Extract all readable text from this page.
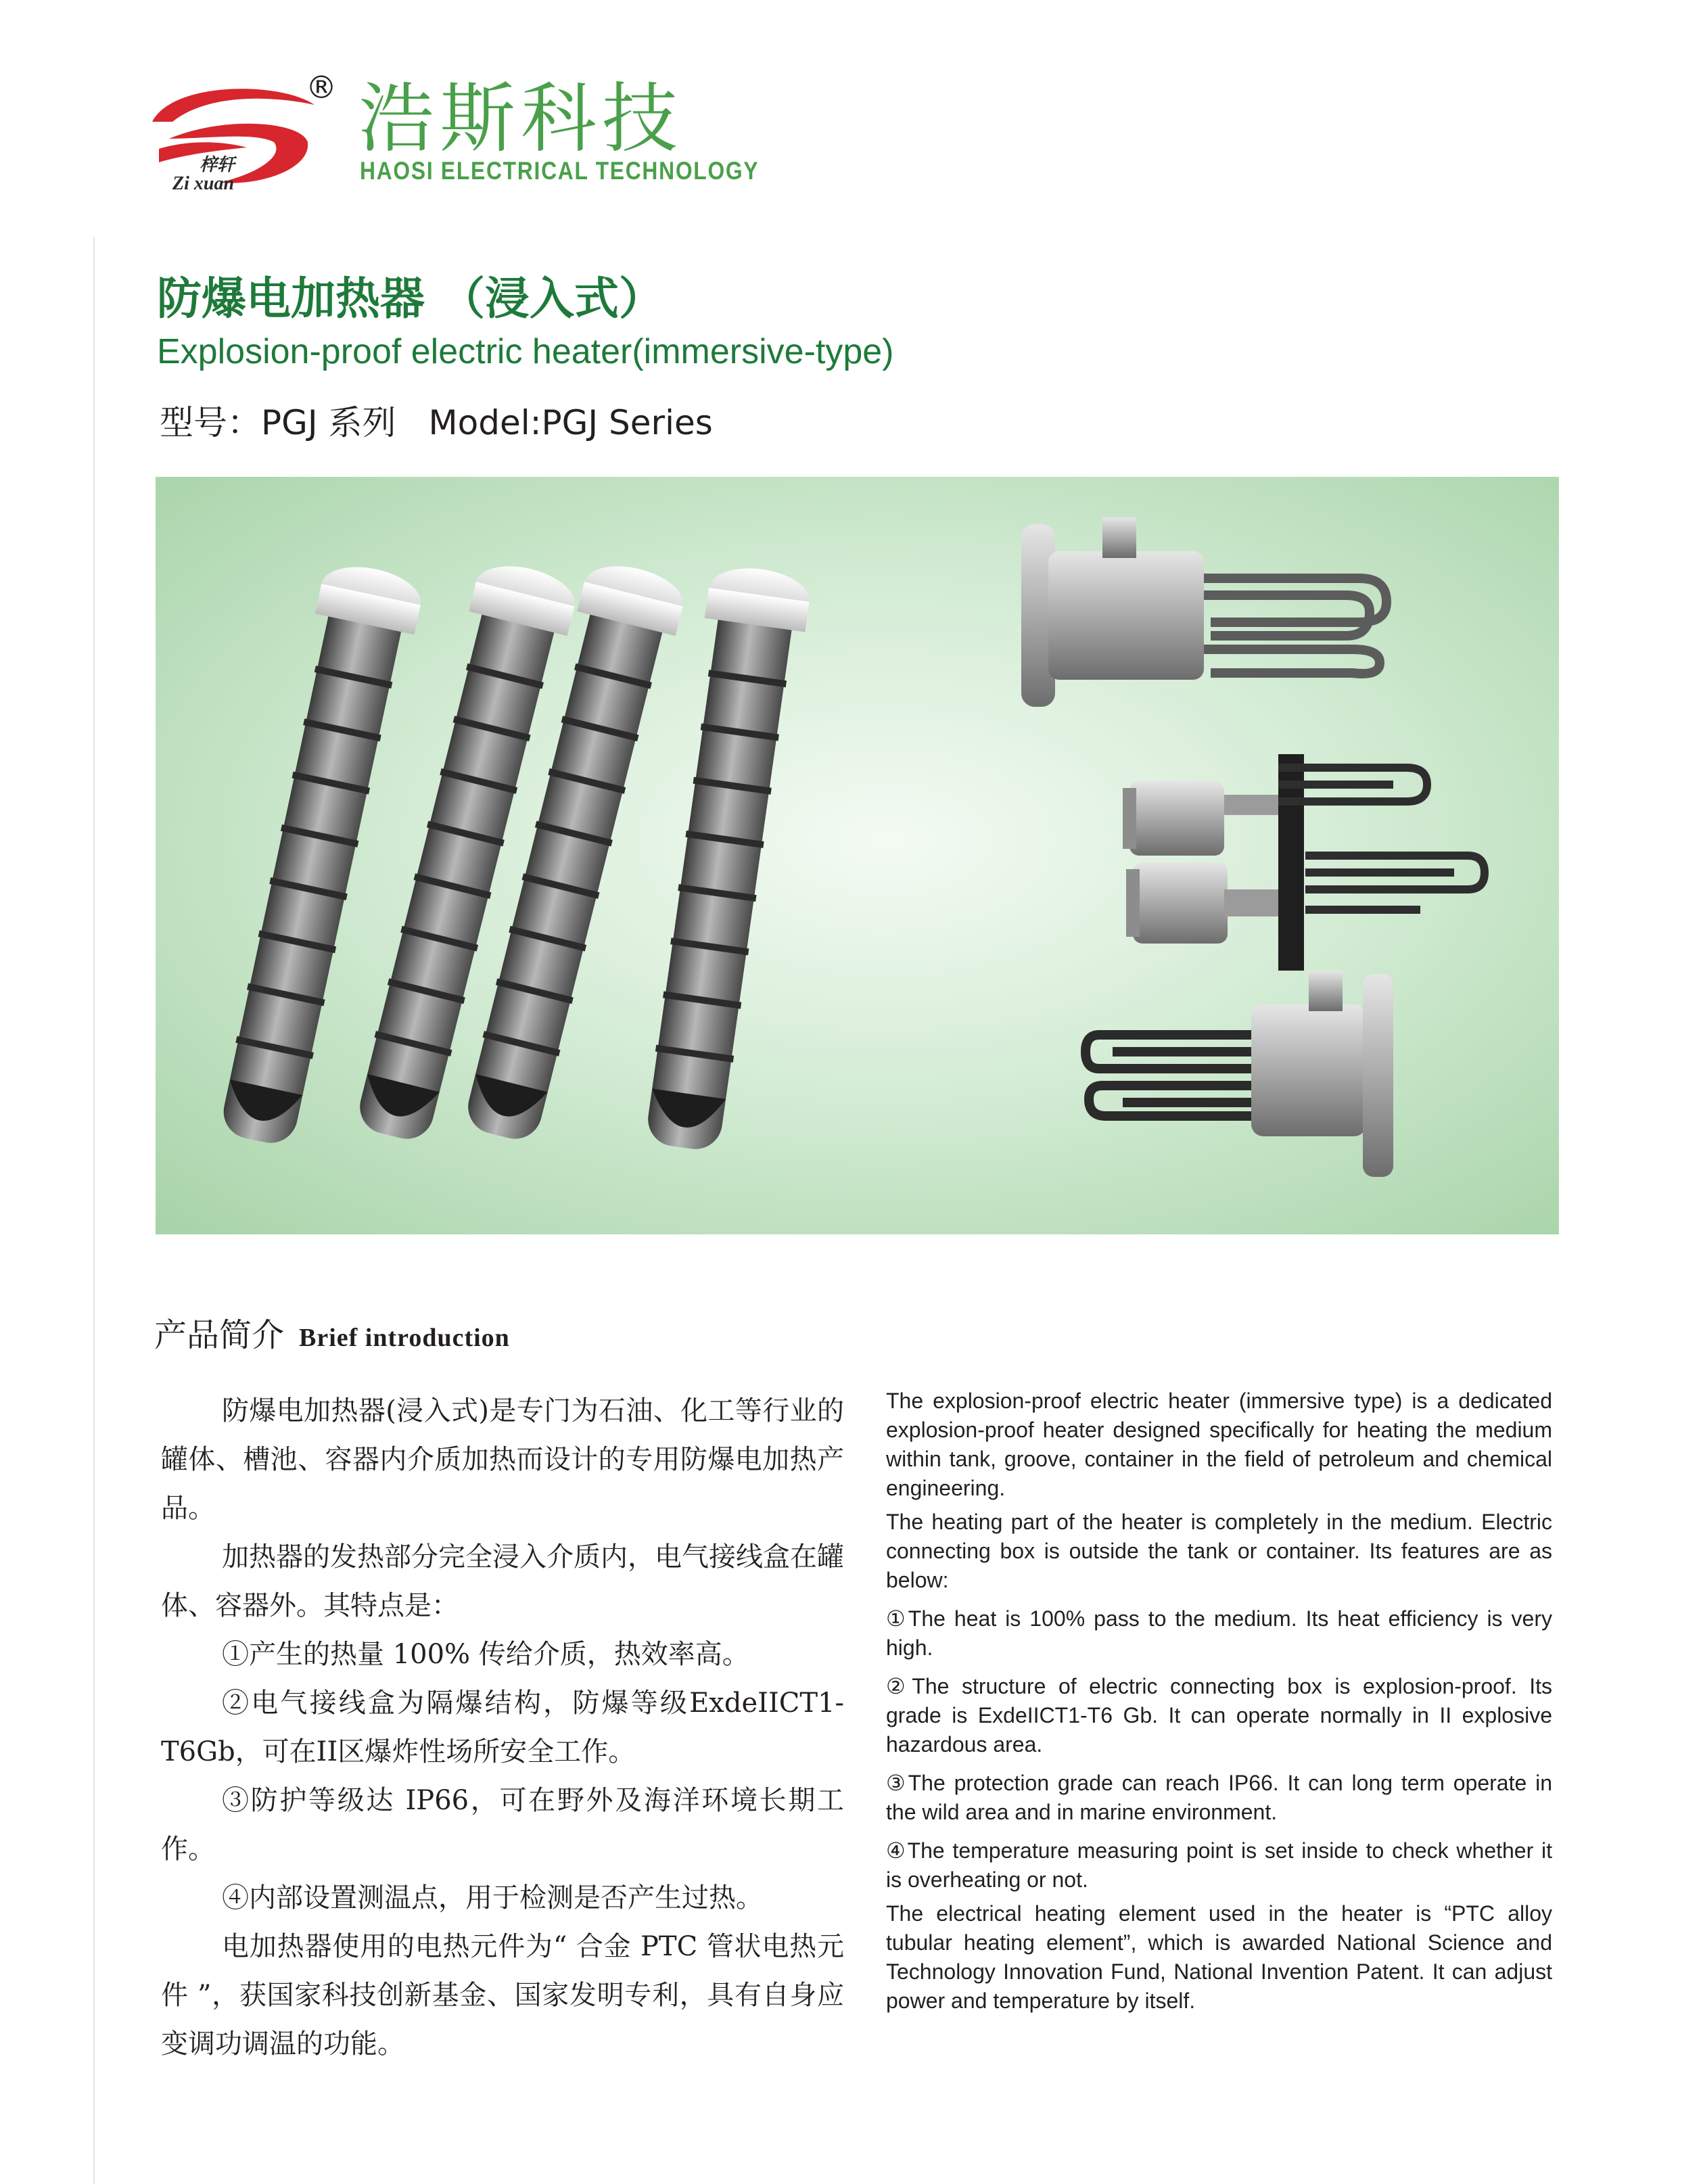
梓轩
Zi xuan
® 浩斯科技
HAOSI ELECTRICAL TECHNOLOGY
防爆电加热器 （浸入式）
Explosion-proof electric heater(immersive-type)
型号：PGJ 系列 Model:PGJ Series
产品简介 Brief introduction

防爆电加热器(浸入式)是专门为石油、化工等行业的罐体、槽池、容器内介质加热而设计的专用防爆电加热产品。

加热器的发热部分完全浸入介质内，电气接线盒在罐体、容器外。其特点是：

①产生的热量 100% 传给介质，热效率高。

②电气接线盒为隔爆结构，防爆等级ExdeIICT1-T6Gb，可在II区爆炸性场所安全工作。

③防护等级达 IP66，可在野外及海洋环境长期工作。

④内部设置测温点，用于检测是否产生过热。

电加热器使用的电热元件为“ 合金 PTC 管状电热元件 ”，获国家科技创新基金、国家发明专利，具有自身应变调功调温的功能。

The explosion-proof electric heater (immersive type) is a dedicated explosion-proof heater designed specifically for heating the medium within tank, groove, container in the field of petroleum and chemical engineering.

The heating part of the heater is completely in the medium. Electric connecting box is outside the tank or container. Its features are as below:

①The heat is 100% pass to the medium. Its heat efficiency is very high.

②The structure of electric connecting box is explosion-proof. Its grade is ExdeIICT1-T6 Gb. It can operate normally in II explosive hazardous area.

③The protection grade can reach IP66. It can long term operate in the wild area and in marine environment.

④The temperature measuring point is set inside to check whether it is overheating or not.

The electrical heating element used in the heater is “PTC alloy tubular heating element”, which is awarded National Science and Technology Innovation Fund, National Invention Patent. It can adjust power and temperature by itself.
